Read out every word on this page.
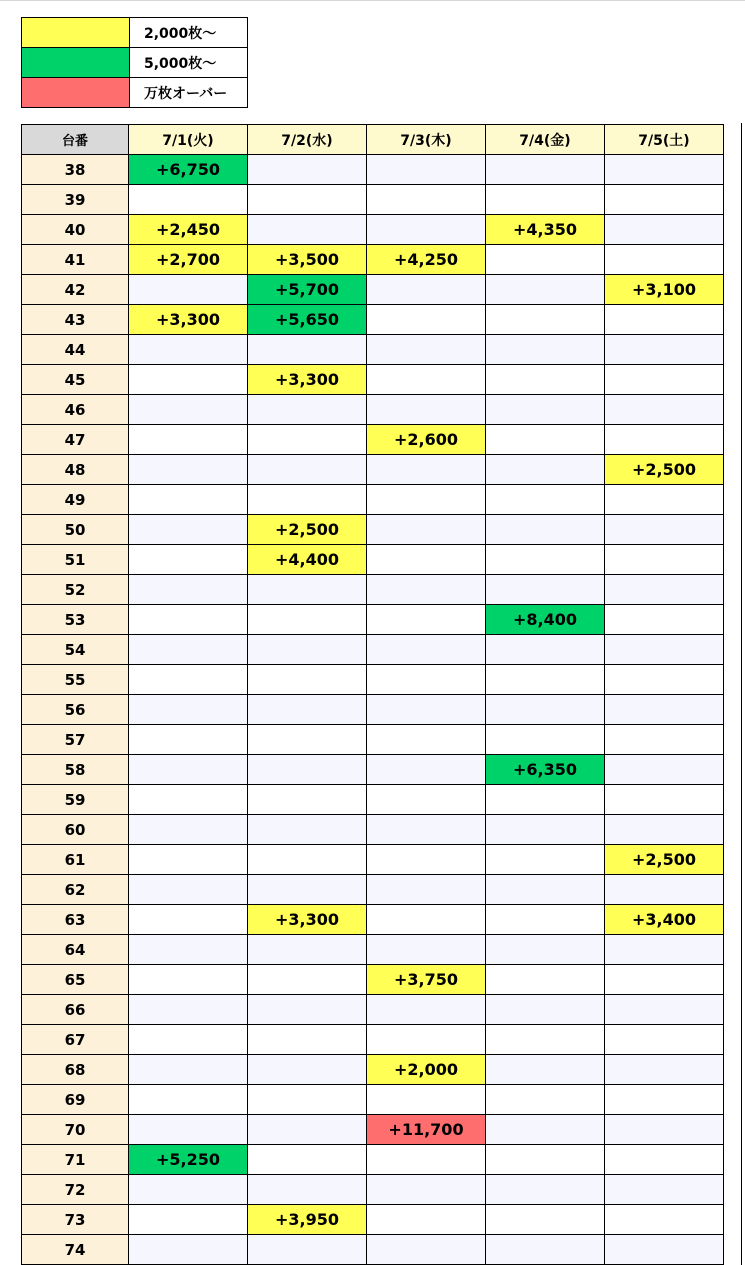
	2,000枚〜
	5,000枚〜
	万枚オーバー
台番	7/1(火)	7/2(水)	7/3(木)	7/4(金)	7/5(土)
38	+6,750				
39					
40	+2,450			+4,350	
41	+2,700	+3,500	+4,250		
42		+5,700			+3,100
43	+3,300	+5,650			
44					
45		+3,300			
46					
47			+2,600		
48					+2,500
49					
50		+2,500			
51		+4,400			
52					
53				+8,400	
54					
55					
56					
57					
58				+6,350	
59					
60					
61					+2,500
62					
63		+3,300			+3,400
64					
65			+3,750		
66					
67					
68			+2,000		
69					
70			+11,700		
71	+5,250				
72					
73		+3,950			
74					
